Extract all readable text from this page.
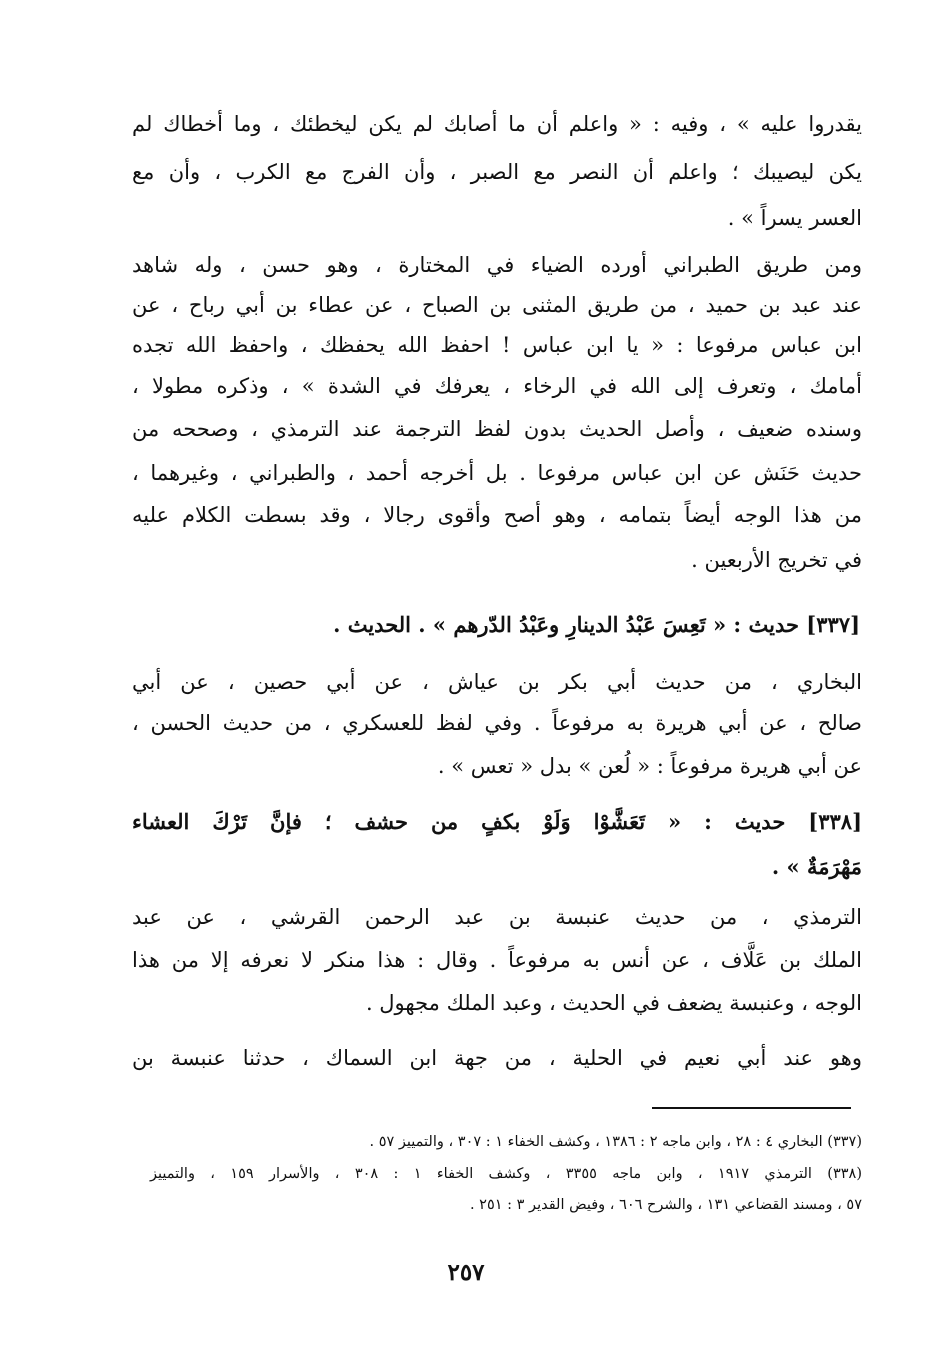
يقدروا عليه » ، وفيه : « واعلم أن ما أصابك لم يكن ليخطئك ، وما أخطاك لم

يكن ليصيبك ؛ واعلم أن النصر مع الصبر ، وأن الفرج مع الكرب ، وأن مع

العسر يسراً » .

ومن طريق الطبراني أورده الضياء في المختارة ، وهو حسن ، وله شاهد

عند عبد بن حميد ، من طريق المثنى بن الصباح ، عن عطاء بن أبي رباح ، عن

ابن عباس مرفوعا : « يا ابن عباس ! احفظ الله يحفظك ، واحفظ الله تجده

أمامك ، وتعرف إلى الله في الرخاء ، يعرفك في الشدة » ، وذكره مطولا ،

وسنده ضعيف ، وأصل الحديث بدون لفظ الترجمة عند الترمذي ، وصححه من

حديث حَنَش عن ابن عباس مرفوعا . بل أخرجه أحمد ، والطبراني ، وغيرهما ،

من هذا الوجه أيضاً بتمامه ، وهو أصح وأقوى رجالا ، وقد بسطت الكلام عليه

في تخريج الأربعين .

[٣٣٧] حديث : « تَعِسَ عَبْدُ الدينارِ وعَبْدُ الدّرهم » . الحديث .

البخاري ، من حديث أبي بكر بن عياش ، عن أبي حصين ، عن أبي

صالح ، عن أبي هريرة به مرفوعاً . وفي لفظ للعسكري ، من حديث الحسن ،

عن أبي هريرة مرفوعاً : « لُعن » بدل « تعس » .

[٣٣٨] حديث : « تَعَشَّوْا وَلَوْ بكفٍ من حشف ؛ فإنَّ تَرْكَ العشاء

مَهْرَمَةٌ » .

الترمذي ، من حديث عنبسة بن عبد الرحمن القرشي ، عن عبد

الملك بن عَلَّاف ، عن أنس به مرفوعاً . وقال : هذا منكر لا نعرفه إلا من هذا

الوجه ، وعنبسة يضعف في الحديث ، وعبد الملك مجهول .

وهو عند أبي نعيم في الحلية ، من جهة ابن السماك ، حدثنا عنبسة بن

(٣٣٧) البخاري ٤ : ٢٨ ، وابن ماجه ٢ : ١٣٨٦ ، وكشف الخفاء ١ : ٣٠٧ ، والتمييز ٥٧ .

(٣٣٨) الترمذي ١٩١٧ ، وابن ماجه ٣٣٥٥ ، وكشف الخفاء ١ : ٣٠٨ ، والأسرار ١٥٩ ، والتمييز

٥٧ ، ومسند القضاعي ١٣١ ، والشرح ٦٠٦ ، وفيض القدير ٣ : ٢٥١ .

٢٥٧
